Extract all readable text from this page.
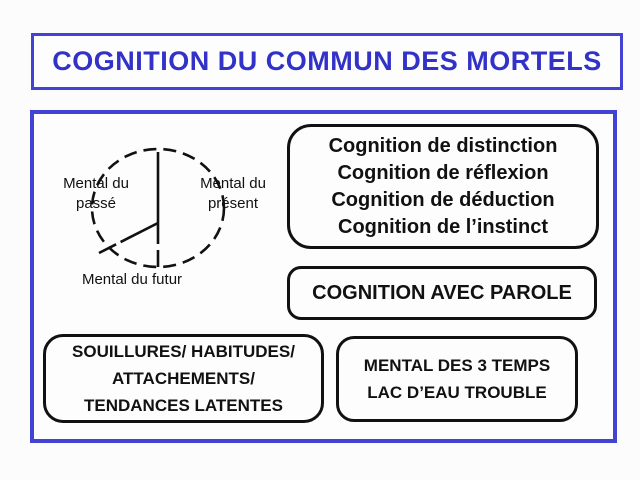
COGNITION DU COMMUN DES MORTELS
Mental du
passé
Mental du
présent
Mental du futur
Cognition de distinction
Cognition de réflexion
Cognition de déduction
Cognition de l’instinct
COGNITION AVEC PAROLE
SOUILLURES/ HABITUDES/
ATTACHEMENTS/
TENDANCES LATENTES
MENTAL DES 3 TEMPS
LAC D’EAU TROUBLE
